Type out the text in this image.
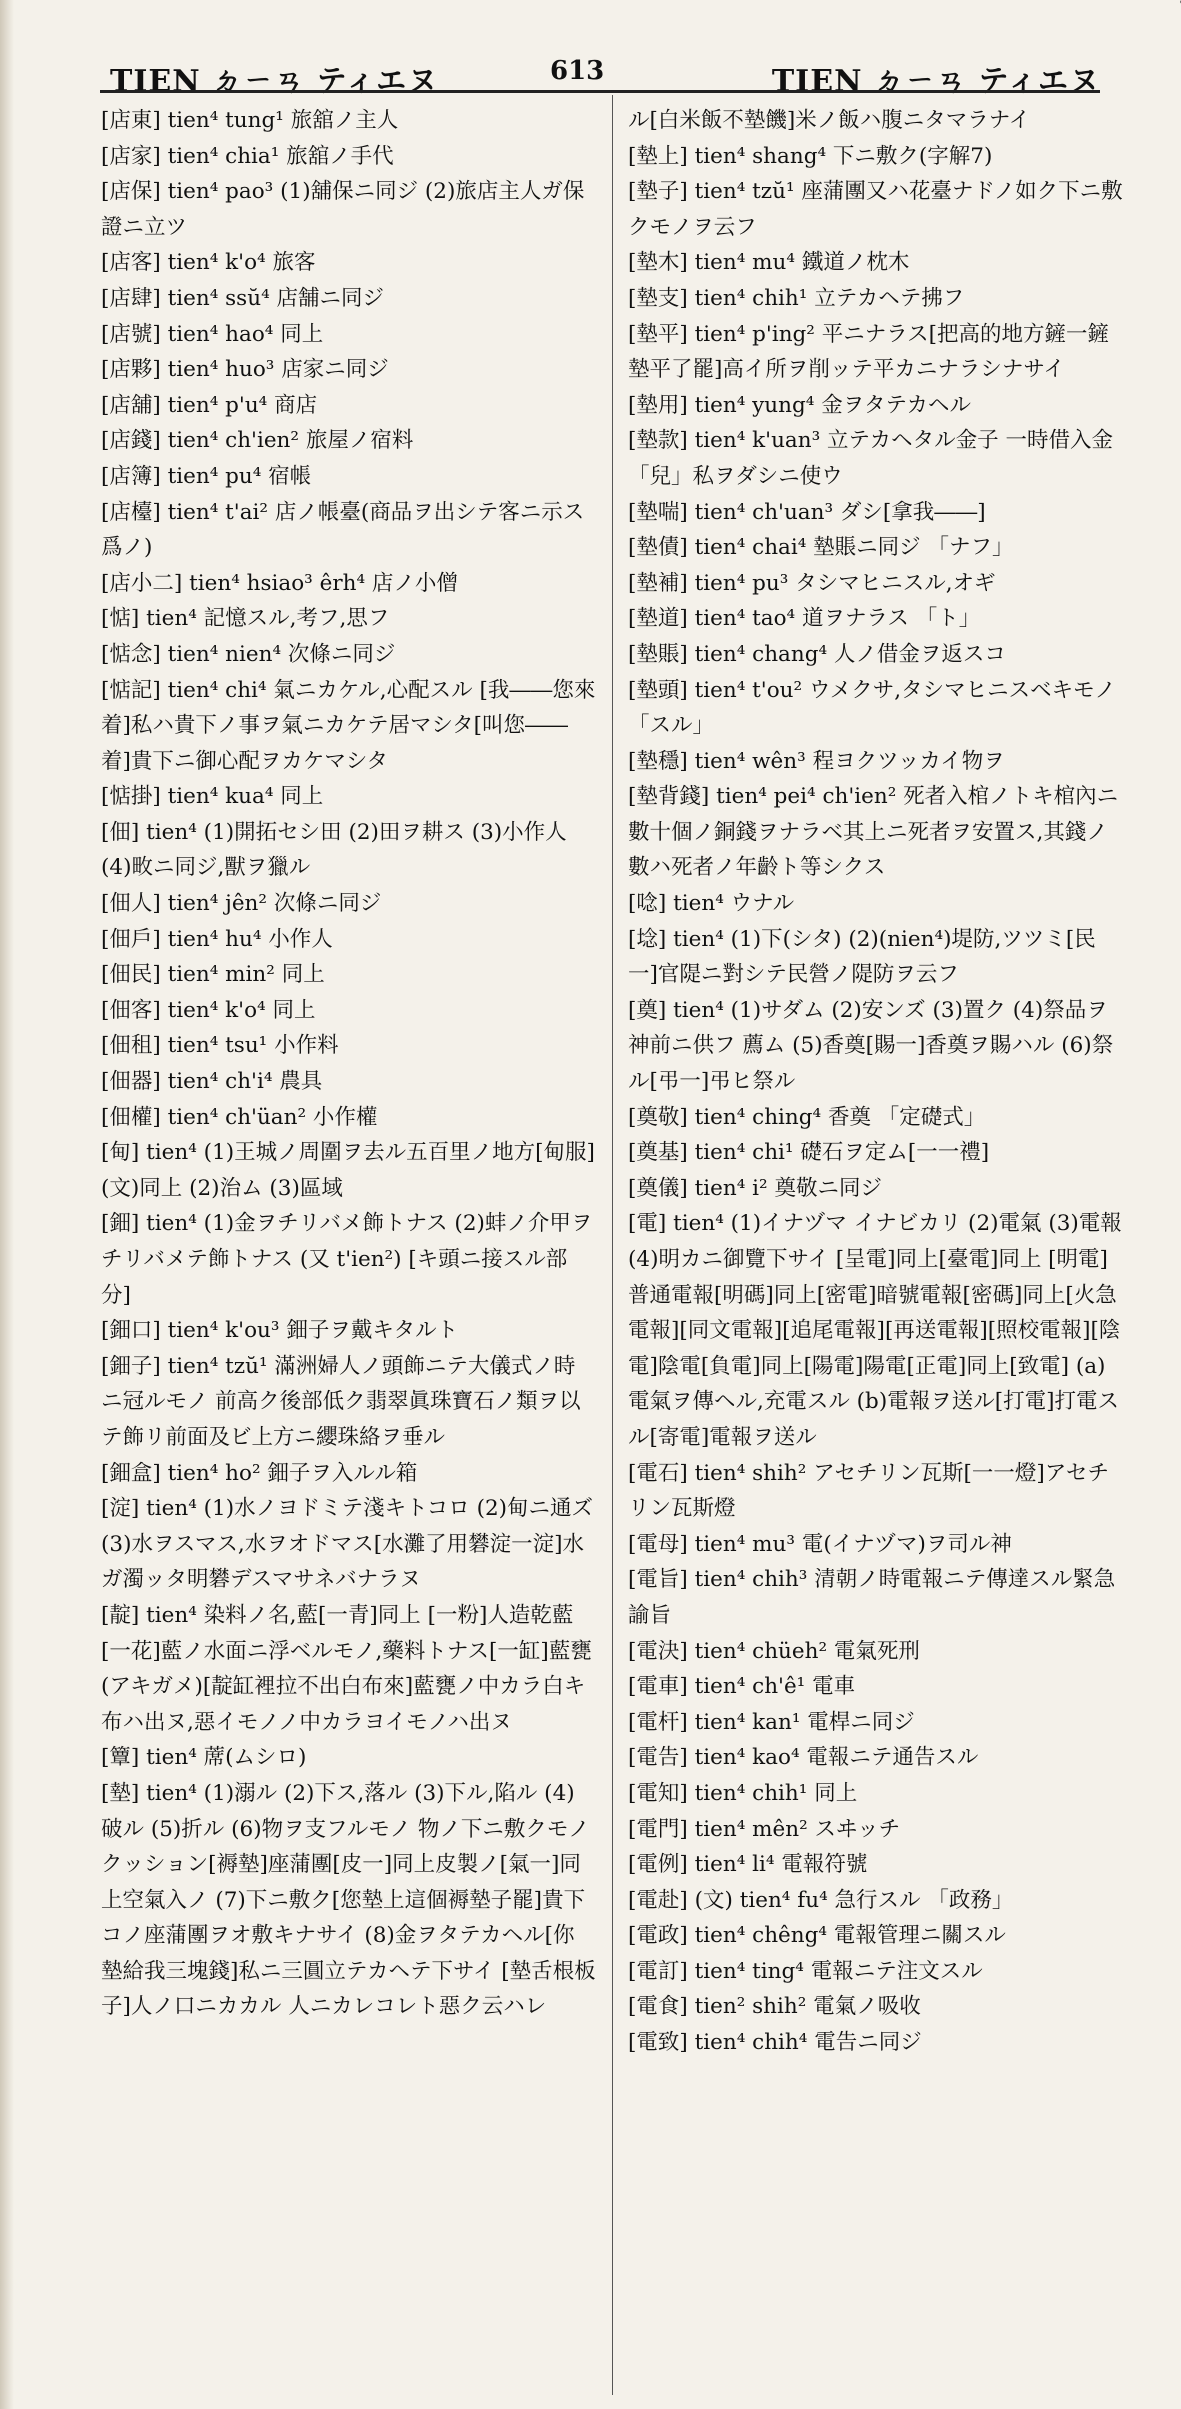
TIEN ㄉㄧㄢ ティエヌ	613	TIEN ㄉㄧㄢ ティエヌ
[店東] tien⁴ tung¹ 旅舘ノ主人
[店家] tien⁴ chia¹ 旅舘ノ手代
[店保] tien⁴ pao³ (1)舖保ニ同ジ (2)旅店主人ガ保證ニ立ツ
[店客] tien⁴ k'o⁴ 旅客
[店肆] tien⁴ ssŭ⁴ 店舗ニ同ジ
[店號] tien⁴ hao⁴ 同上
[店夥] tien⁴ huo³ 店家ニ同ジ
[店舖] tien⁴ p'u⁴ 商店
[店錢] tien⁴ ch'ien² 旅屋ノ宿料
[店簿] tien⁴ pu⁴ 宿帳
[店檯] tien⁴ t'ai² 店ノ帳臺(商品ヲ出シテ客ニ示ス爲ノ)
[店小二] tien⁴ hsiao³ êrh⁴ 店ノ小僧
[惦] tien⁴ 記憶スル,考フ,思フ
[惦念] tien⁴ nien⁴ 次條ニ同ジ
[惦記] tien⁴ chi⁴ 氣ニカケル,心配スル [我――您來着]私ハ貴下ノ事ヲ氣ニカケテ居マシタ[叫您――着]貴下ニ御心配ヲカケマシタ
[惦掛] tien⁴ kua⁴ 同上
[佃] tien⁴ (1)開拓セシ田 (2)田ヲ耕ス (3)小作人 (4)畋ニ同ジ,獸ヲ獵ル
[佃人] tien⁴ jên² 次條ニ同ジ
[佃戶] tien⁴ hu⁴ 小作人
[佃民] tien⁴ min² 同上
[佃客] tien⁴ k'o⁴ 同上
[佃租] tien⁴ tsu¹ 小作料
[佃器] tien⁴ ch'i⁴ 農具
[佃權] tien⁴ ch'üan² 小作權
[甸] tien⁴ (1)王城ノ周圍ヲ去ル五百里ノ地方[甸服](文)同上 (2)治ム (3)區域
[鈿] tien⁴ (1)金ヲチリバメ飾トナス (2)蚌ノ介甲ヲチリバメテ飾トナス (又 t'ien²) [キ頭ニ接スル部分]
[鈿口] tien⁴ k'ou³ 鈿子ヲ戴キタルト
[鈿子] tien⁴ tzŭ¹ 滿洲婦人ノ頭飾ニテ大儀式ノ時ニ冠ルモノ 前高ク後部低ク翡翠眞珠寶石ノ類ヲ以テ飾リ前面及ビ上方ニ纓珠絡ヲ垂ル
[鈿盒] tien⁴ ho² 鈿子ヲ入ルル箱
[淀] tien⁴ (1)水ノヨドミテ淺キトコロ (2)甸ニ通ズ (3)水ヲスマス,水ヲオドマス[水灘了用礬淀一淀]水ガ濁ッタ明礬デスマサネバナラヌ
[靛] tien⁴ 染料ノ名,藍[一青]同上 [一粉]人造乾藍[一花]藍ノ水面ニ浮ベルモノ,藥料トナス[一缸]藍甕(アキガメ)[靛缸裡拉不出白布來]藍甕ノ中カラ白キ布ハ出ヌ,惡イモノノ中カラヨイモノハ出ヌ
[簟] tien⁴ 蓆(ムシロ)
[墊] tien⁴ (1)溺ル (2)下ス,落ル (3)下ル,陷ル (4)破ル (5)折ル (6)物ヲ支フルモノ 物ノ下ニ敷クモノ クッション[褥墊]座蒲團[皮一]同上皮製ノ[氣一]同上空氣入ノ (7)下ニ敷ク[您墊上這個褥墊子罷]貴下コノ座蒲團ヲオ敷キナサイ (8)金ヲタテカヘル[你墊給我三塊錢]私ニ三圓立テカヘテ下サイ [墊舌根板子]人ノ口ニカカル 人ニカレコレト惡ク云ハレ
ル[白米飯不墊饑]米ノ飯ハ腹ニタマラナイ
[墊上] tien⁴ shang⁴ 下ニ敷ク(字解7)
[墊子] tien⁴ tzŭ¹ 座蒲團又ハ花臺ナドノ如ク下ニ敷クモノヲ云フ
[墊木] tien⁴ mu⁴ 鐵道ノ枕木
[墊支] tien⁴ chih¹ 立テカヘテ拂フ
[墊平] tien⁴ p'ing² 平ニナラス[把高的地方鏟一鏟墊平了罷]高イ所ヲ削ッテ平カニナラシナサイ
[墊用] tien⁴ yung⁴ 金ヲタテカヘル
[墊款] tien⁴ k'uan³ 立テカヘタル金子 一時借入金 「兒」私ヲダシニ使ウ
[墊喘] tien⁴ ch'uan³ ダシ[拿我――]
[墊債] tien⁴ chai⁴ 墊賬ニ同ジ 「ナフ」
[墊補] tien⁴ pu³ タシマヒニスル,オギ
[墊道] tien⁴ tao⁴ 道ヲナラス 「ト」
[墊賬] tien⁴ chang⁴ 人ノ借金ヲ返スコ
[墊頭] tien⁴ t'ou² ウメクサ,タシマヒニスベキモノ 「スル」
[墊穩] tien⁴ wên³ 程ヨクツッカイ物ヲ
[墊背錢] tien⁴ pei⁴ ch'ien² 死者入棺ノトキ棺內ニ數十個ノ銅錢ヲナラベ其上ニ死者ヲ安置ス,其錢ノ數ハ死者ノ年齡ト等シクス
[唸] tien⁴ ウナル
[埝] tien⁴ (1)下(シタ) (2)(nien⁴)堤防,ツツミ[民一]官隄ニ對シテ民營ノ隄防ヲ云フ
[奠] tien⁴ (1)サダム (2)安ンズ (3)置ク (4)祭品ヲ神前ニ供フ 薦ム (5)香奠[賜一]香奠ヲ賜ハル (6)祭ル[弔一]弔ヒ祭ル
[奠敬] tien⁴ ching⁴ 香奠 「定礎式」
[奠基] tien⁴ chi¹ 礎石ヲ定ム[一一禮]
[奠儀] tien⁴ i² 奠敬ニ同ジ
[電] tien⁴ (1)イナヅマ イナビカリ (2)電氣 (3)電報 (4)明カニ御覽下サイ [呈電]同上[臺電]同上 [明電]普通電報[明碼]同上[密電]暗號電報[密碼]同上[火急電報][同文電報][追尾電報][再送電報][照校電報][陰電]陰電[負電]同上[陽電]陽電[正電]同上[致電] (a)電氣ヲ傳ヘル,充電スル (b)電報ヲ送ル[打電]打電スル[寄電]電報ヲ送ル
[電石] tien⁴ shih² アセチリン瓦斯[一一燈]アセチリン瓦斯燈
[電母] tien⁴ mu³ 電(イナヅマ)ヲ司ル神
[電旨] tien⁴ chih³ 清朝ノ時電報ニテ傳達スル緊急諭旨
[電決] tien⁴ chüeh² 電氣死刑
[電車] tien⁴ ch'ê¹ 電車
[電杆] tien⁴ kan¹ 電桿ニ同ジ
[電告] tien⁴ kao⁴ 電報ニテ通告スル
[電知] tien⁴ chih¹ 同上
[電門] tien⁴ mên² スヰッチ
[電例] tien⁴ li⁴ 電報符號
[電赴] (文) tien⁴ fu⁴ 急行スル 「政務」
[電政] tien⁴ chêng⁴ 電報管理ニ關スル
[電訂] tien⁴ ting⁴ 電報ニテ注文スル
[電食] tien² shih² 電氣ノ吸收
[電致] tien⁴ chih⁴ 電告ニ同ジ
